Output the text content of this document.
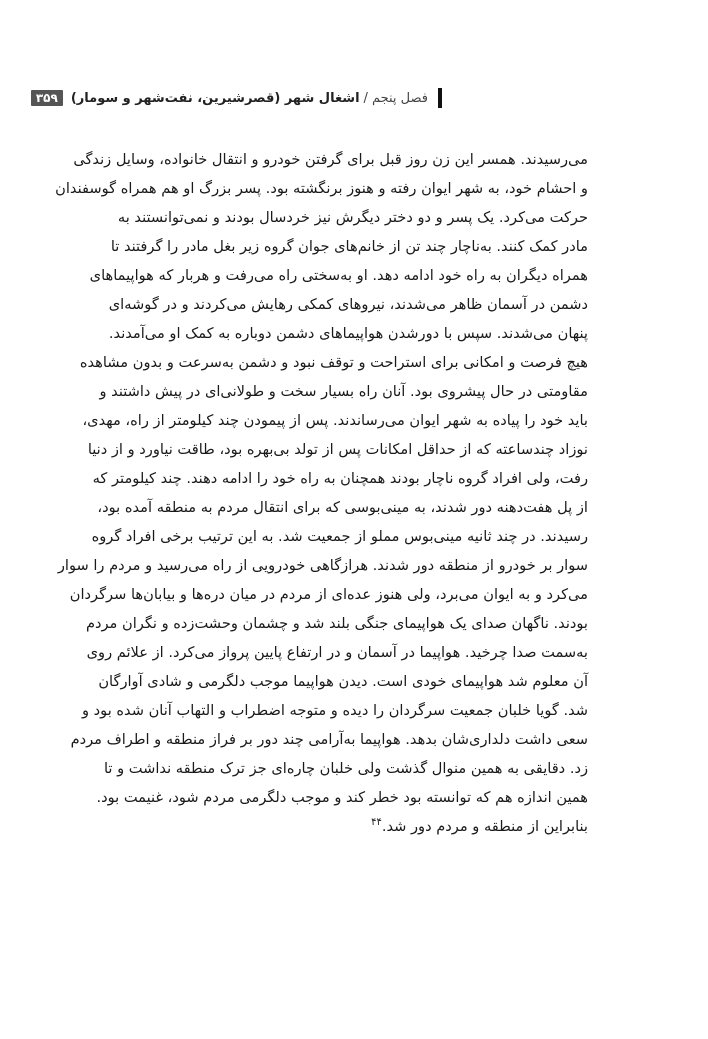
فصل پنجم
/
اشغال شهر (قصرشیرین، نفت‌شهر و سومار)
۳۵۹
می‌رسیدند. همسر این زن روز قبل برای گرفتن خودرو و انتقال خانواده، وسایل زندگی
و احشام خود، به شهر ایوان رفته و هنوز برنگشته بود. پسر بزرگ او هم همراه گوسفندان
حرکت می‌کرد. یک پسر و دو دختر دیگرش نیز خردسال بودند و نمی‌توانستند به
مادر کمک کنند. به‌ناچار چند تن از خانم‌های جوان گروه زیر بغل مادر را گرفتند تا
همراه دیگران به راه خود ادامه دهد. او به‌سختی راه می‌رفت و هربار که هواپیماهای
دشمن در آسمان ظاهر می‌شدند، نیروهای کمکی رهایش می‌کردند و در گوشه‌ای
پنهان می‌شدند. سپس با دورشدن هواپیماهای دشمن دوباره به کمک او می‌آمدند.
هیچ فرصت و امکانی برای استراحت و توقف نبود و دشمن به‌سرعت و بدون مشاهده
مقاومتی در حال پیشروی بود. آنان راه بسیار سخت و طولانی‌ای در پیش داشتند و
باید خود را پیاده به شهر ایوان می‌رساندند. پس از پیمودن چند کیلومتر از راه، مهدی،
نوزاد چندساعته که از حداقل امکانات پس از تولد بی‌بهره بود، طاقت نیاورد و از دنیا
رفت، ولی افراد گروه ناچار بودند همچنان به راه خود را ادامه دهند. چند کیلومتر که
از پل هفت‌دهنه دور شدند، به مینی‌بوسی که برای انتقال مردم به منطقه آمده بود،
رسیدند. در چند ثانیه مینی‌بوس مملو از جمعیت شد. به این ترتیب برخی افراد گروه
سوار بر خودرو از منطقه دور شدند. هرازگاهی خودرویی از راه می‌رسید و مردم را سوار
می‌کرد و به ایوان می‌برد، ولی هنوز عده‌ای از مردم در میان دره‌ها و بیابان‌ها سرگردان
بودند. ناگهان صدای یک هواپیمای جنگی بلند شد و چشمان وحشت‌زده و نگران مردم
به‌سمت صدا چرخید. هواپیما در آسمان و در ارتفاع پایین پرواز می‌کرد. از علائم روی
آن معلوم شد هواپیمای خودی است. دیدن هواپیما موجب دلگرمی و شادی آوارگان
شد. گویا خلبان جمعیت سرگردان را دیده و متوجه اضطراب و التهاب آنان شده بود و
سعی داشت دلداری‌شان بدهد. هواپیما به‌آرامی چند دور بر فراز منطقه و اطراف مردم
زد. دقایقی به همین منوال گذشت ولی خلبان چاره‌ای جز ترک منطقه نداشت و تا
همین اندازه هم که توانسته بود خطر کند و موجب دلگرمی مردم شود، غنیمت بود.
بنابراین از منطقه و مردم دور شد.$^{۴۴}$
